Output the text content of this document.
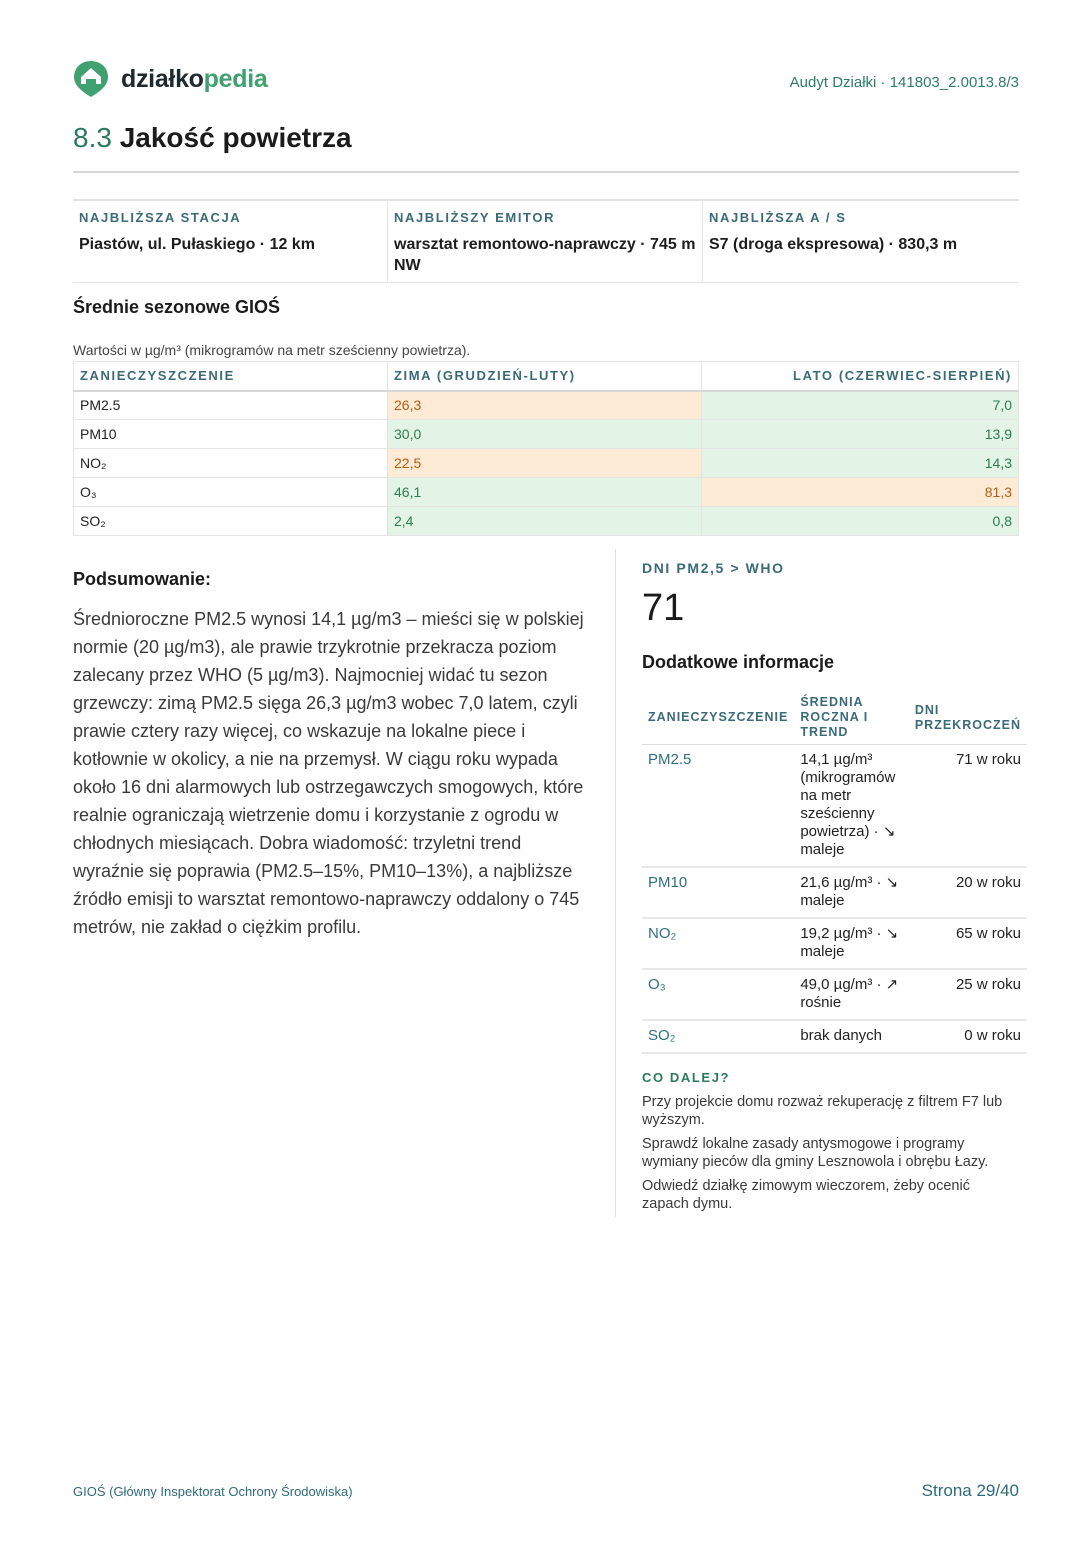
działkopedia	Audyt Działki · 141803_2.0013.8/3
8.3 Jakość powietrza
NAJBLIŻSZA STACJA
Piastów, ul. Pułaskiego · 12 km
NAJBLIŻSZY EMITOR
warsztat remontowo-naprawczy · 745 m NW
NAJBLIŻSZA A / S
S7 (droga ekspresowa) · 830,3 m
Średnie sezonowe GIOŚ
Wartości w µg/m³ (mikrogramów na metr sześcienny powietrza).
ZANIECZYSZCZENIE	ZIMA (GRUDZIEŃ-LUTY)	LATO (CZERWIEC-SIERPIEŃ)
PM2.5	26,3	7,0
PM10	30,0	13,9
NO₂	22,5	14,3
O₃	46,1	81,3
SO₂	2,4	0,8
Podsumowanie:
Średnioroczne PM2.5 wynosi 14,1 µg/m3 – mieści się w polskiej normie (20 µg/m3), ale prawie trzykrotnie przekracza poziom zalecany przez WHO (5 µg/m3). Najmocniej widać tu sezon grzewczy: zimą PM2.5 sięga 26,3 µg/m3 wobec 7,0 latem, czyli prawie cztery razy więcej, co wskazuje na lokalne piece i kotłownie w okolicy, a nie na przemysł. W ciągu roku wypada około 16 dni alarmowych lub ostrzegawczych smogowych, które realnie ograniczają wietrzenie domu i korzystanie z ogrodu w chłodnych miesiącach. Dobra wiadomość: trzyletni trend wyraźnie się poprawia (PM2.5–15%, PM10–13%), a najbliższe źródło emisji to warsztat remontowo-naprawczy oddalony o 745 metrów, nie zakład o ciężkim profilu.
DNI PM2,5 > WHO
71
Dodatkowe informacje
ZANIECZYSZCZENIE	ŚREDNIA ROCZNA I TREND	DNI PRZEKROCZEŃ
PM2.5	14,1 µg/m³ (mikrogramów na metr sześcienny powietrza) · ↘ maleje	71 w roku
PM10	21,6 µg/m³ · ↘ maleje	20 w roku
NO₂	19,2 µg/m³ · ↘ maleje	65 w roku
O₃	49,0 µg/m³ · ↗ rośnie	25 w roku
SO₂	brak danych	0 w roku
CO DALEJ?
Przy projekcie domu rozważ rekuperację z filtrem F7 lub wyższym.
Sprawdź lokalne zasady antysmogowe i programy wymiany pieców dla gminy Lesznowola i obrębu Łazy.
Odwiedź działkę zimowym wieczorem, żeby ocenić zapach dymu.
GIOŚ (Główny Inspektorat Ochrony Środowiska)	Strona 29/40
